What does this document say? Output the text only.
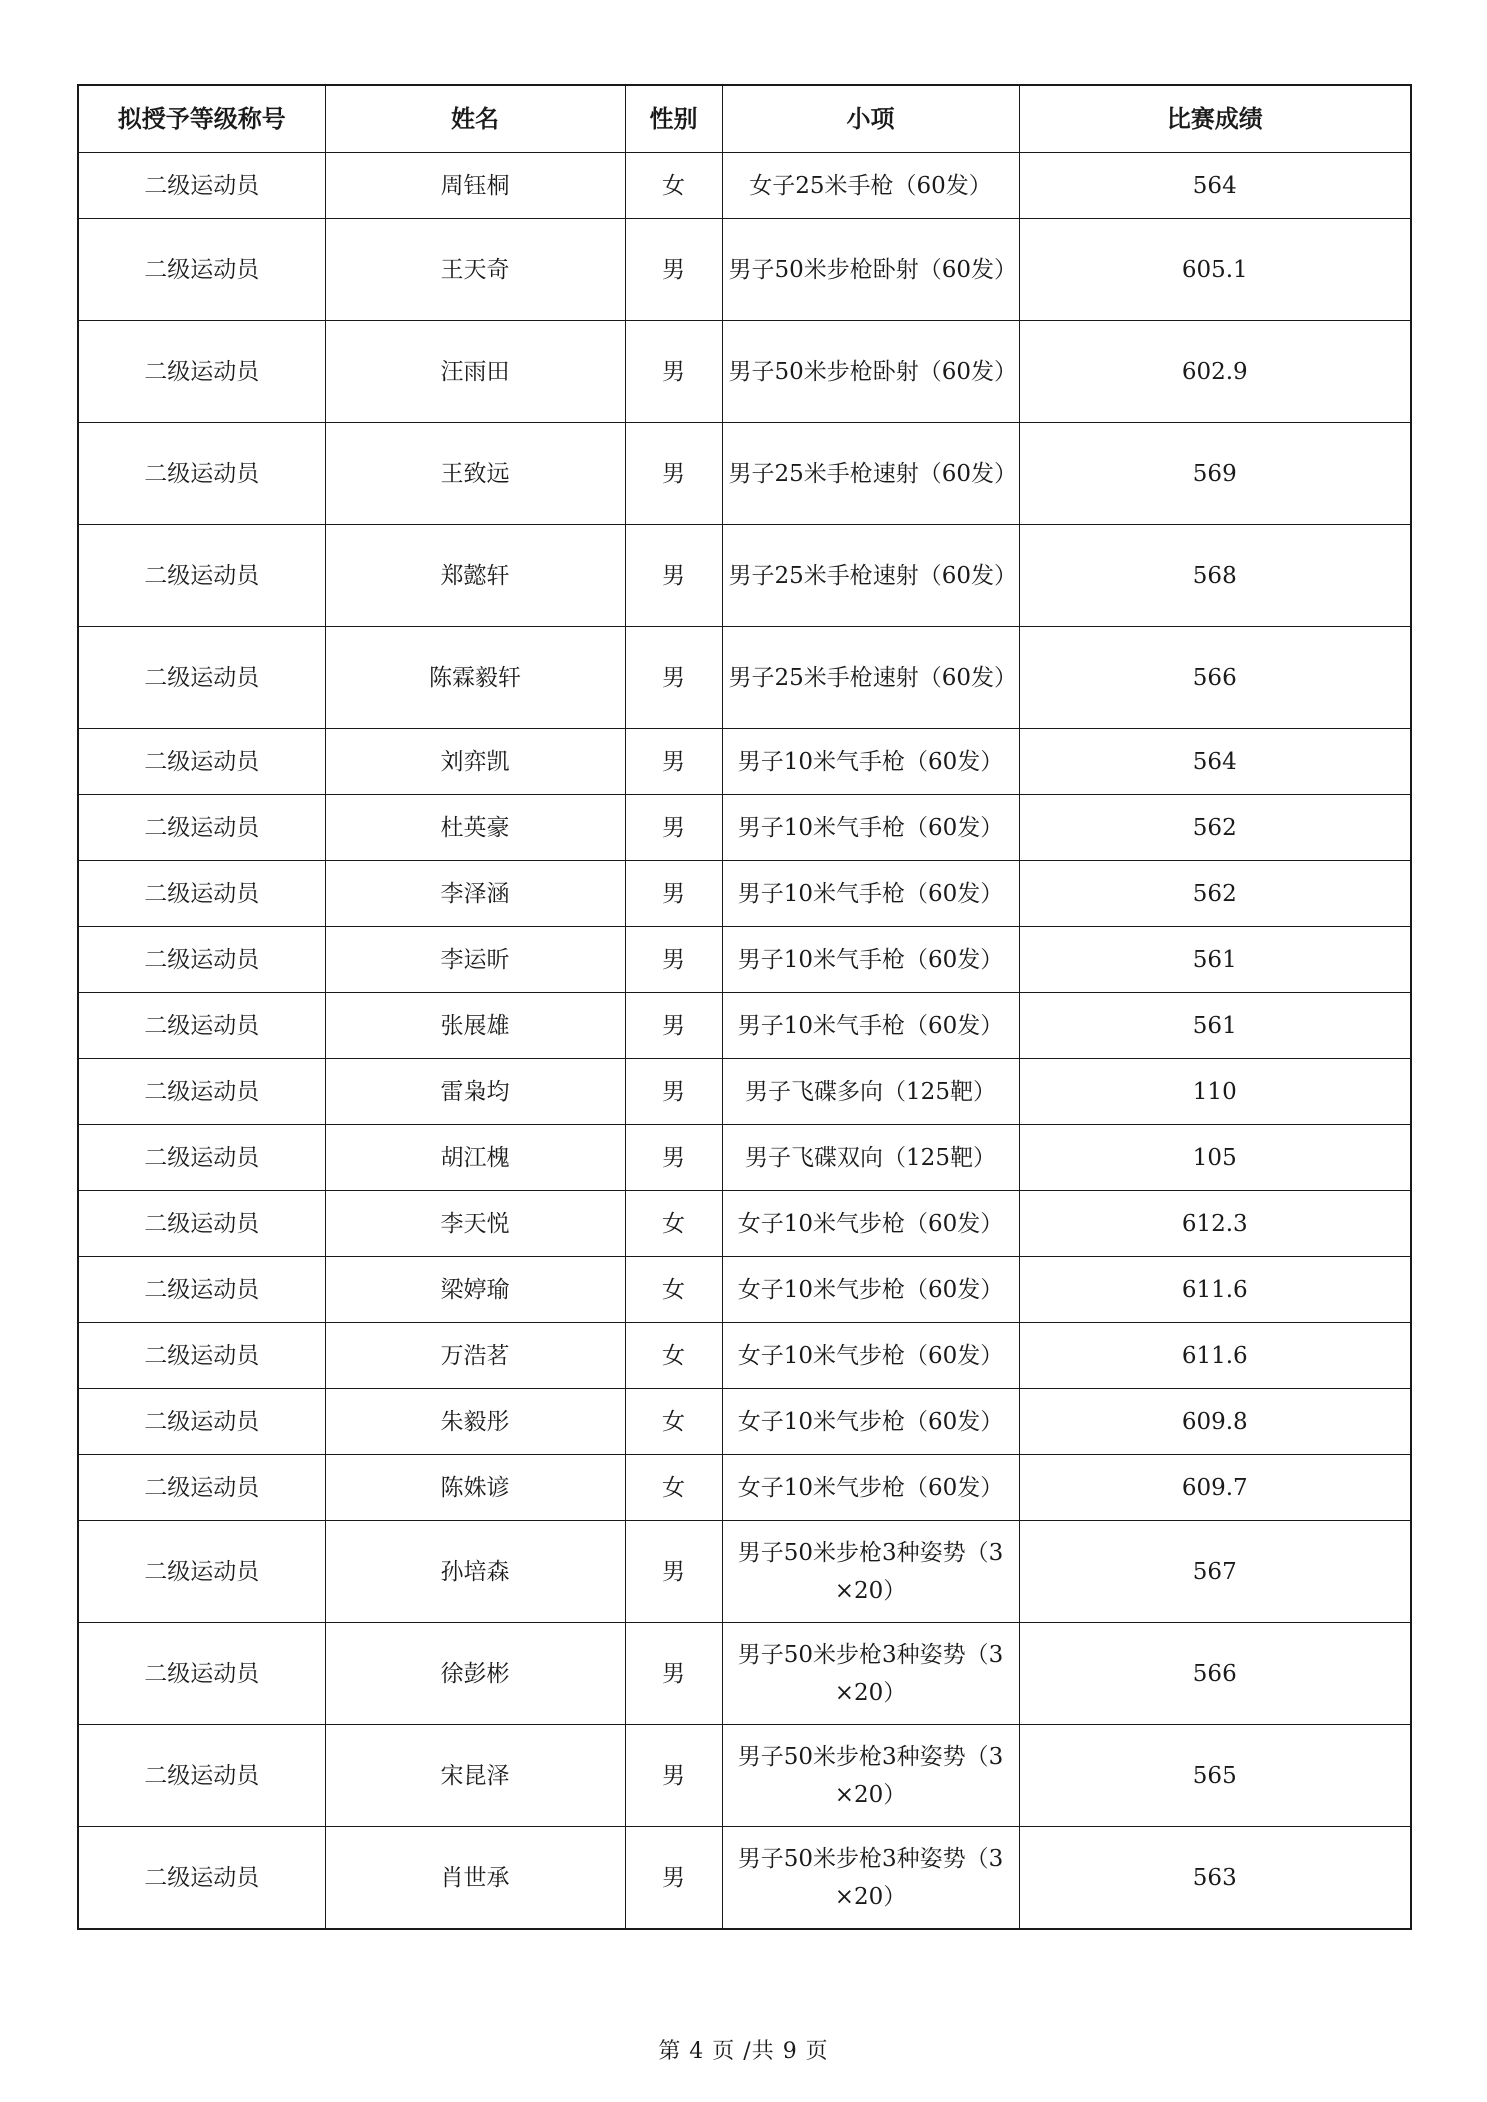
拟授予等级称号	姓名	性别	小项	比赛成绩
二级运动员	周钰桐	女	女子25米手枪（60发）	564
二级运动员	王天奇	男	男子50米步枪卧射（60发）	605.1
二级运动员	汪雨田	男	男子50米步枪卧射（60发）	602.9
二级运动员	王致远	男	男子25米手枪速射（60发）	569
二级运动员	郑懿轩	男	男子25米手枪速射（60发）	568
二级运动员	陈霖毅轩	男	男子25米手枪速射（60发）	566
二级运动员	刘弈凯	男	男子10米气手枪（60发）	564
二级运动员	杜英豪	男	男子10米气手枪（60发）	562
二级运动员	李泽涵	男	男子10米气手枪（60发）	562
二级运动员	李运昕	男	男子10米气手枪（60发）	561
二级运动员	张展雄	男	男子10米气手枪（60发）	561
二级运动员	雷枭均	男	男子飞碟多向（125靶）	110
二级运动员	胡江槐	男	男子飞碟双向（125靶）	105
二级运动员	李天悦	女	女子10米气步枪（60发）	612.3
二级运动员	梁婷瑜	女	女子10米气步枪（60发）	611.6
二级运动员	万浩茗	女	女子10米气步枪（60发）	611.6
二级运动员	朱毅彤	女	女子10米气步枪（60发）	609.8
二级运动员	陈姝谚	女	女子10米气步枪（60发）	609.7
二级运动员	孙培森	男	男子50米步枪3种姿势（3×20）	567
二级运动员	徐彭彬	男	男子50米步枪3种姿势（3×20）	566
二级运动员	宋昆泽	男	男子50米步枪3种姿势（3×20）	565
二级运动员	肖世承	男	男子50米步枪3种姿势（3×20）	563
第 4 页 /共 9 页
